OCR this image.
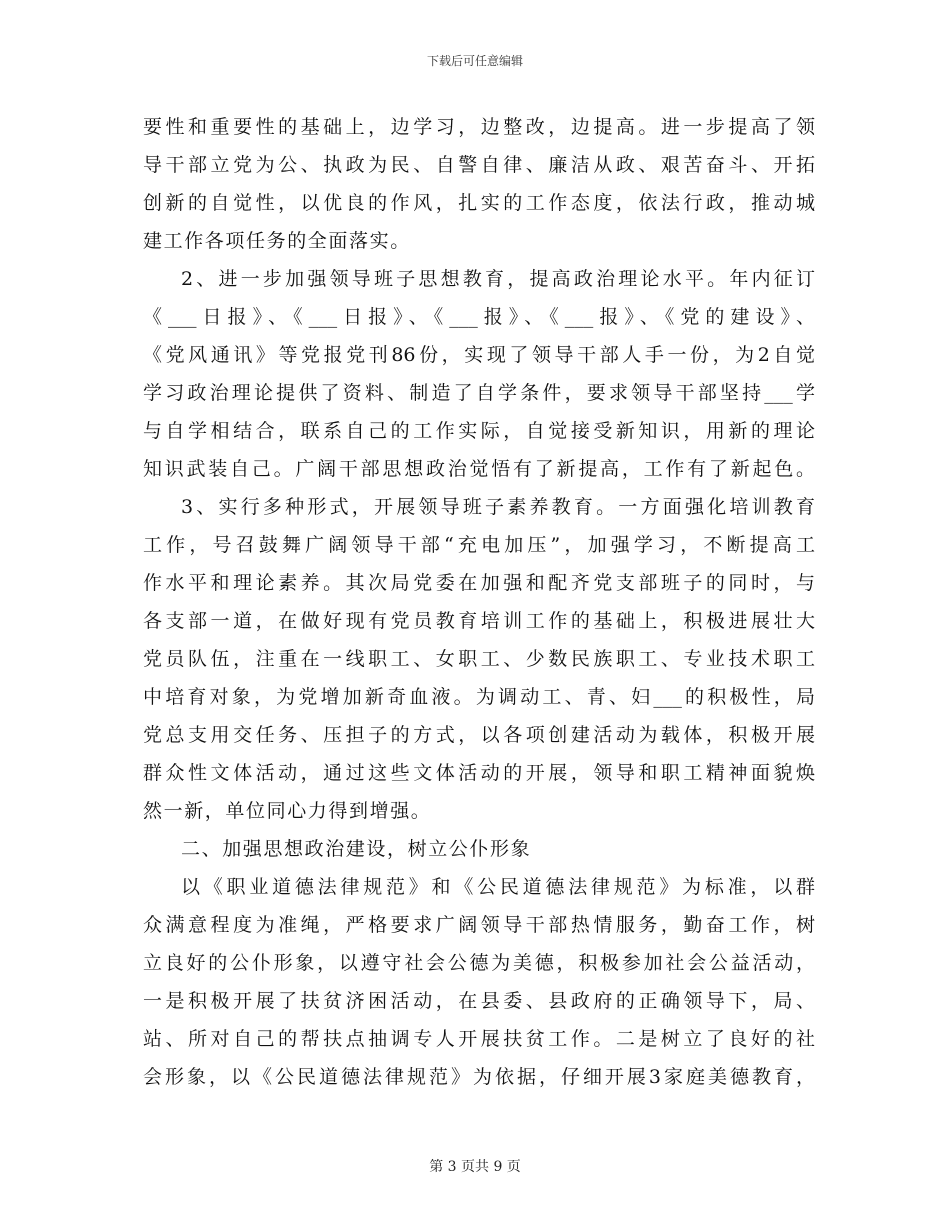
下载后可任意编辑
要性和重要性的基础上，边学习，边整改，边提高。进一步提高了领
导干部立党为公、执政为民、自警自律、廉洁从政、艰苦奋斗、开拓
创新的自觉性，以优良的作风，扎实的工作态度，依法行政，推动城
建工作各项任务的全面落实。
2、进一步加强领导班子思想教育，提高政治理论水平。年内征订
《___日报》、《___日报》、《___报》、《___报》、《党的建设》、
《党风通讯》等党报党刊86份，实现了领导干部人手一份，为2自觉
学习政治理论提供了资料、制造了自学条件，要求领导干部坚持___学
与自学相结合，联系自己的工作实际，自觉接受新知识，用新的理论
知识武装自己。广阔干部思想政治觉悟有了新提高，工作有了新起色。
3、实行多种形式，开展领导班子素养教育。一方面强化培训教育
工作，号召鼓舞广阔领导干部“充电加压”，加强学习，不断提高工
作水平和理论素养。其次局党委在加强和配齐党支部班子的同时，与
各支部一道，在做好现有党员教育培训工作的基础上，积极进展壮大
党员队伍，注重在一线职工、女职工、少数民族职工、专业技术职工
中培育对象，为党增加新奇血液。为调动工、青、妇___的积极性，局
党总支用交任务、压担子的方式，以各项创建活动为载体，积极开展
群众性文体活动，通过这些文体活动的开展，领导和职工精神面貌焕
然一新，单位同心力得到增强。
二、加强思想政治建设，树立公仆形象
以《职业道德法律规范》和《公民道德法律规范》为标准，以群
众满意程度为准绳，严格要求广阔领导干部热情服务，勤奋工作，树
立良好的公仆形象，以遵守社会公德为美德，积极参加社会公益活动，
一是积极开展了扶贫济困活动，在县委、县政府的正确领导下，局、
站、所对自己的帮扶点抽调专人开展扶贫工作。二是树立了良好的社
会形象，以《公民道德法律规范》为依据，仔细开展3家庭美德教育，
第 3 页共 9 页
